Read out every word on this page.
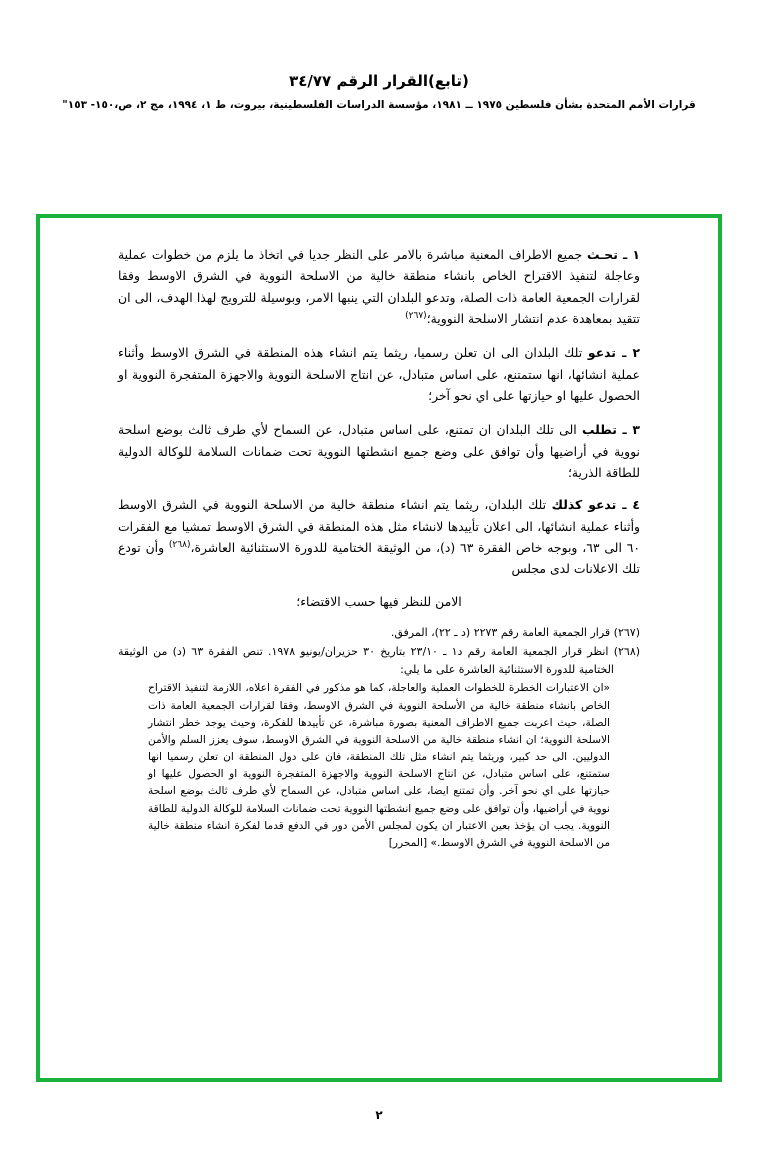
(تابع)القرار الرقم ٣٤/٧٧
قرارات الأمم المتحدة بشأن فلسطين ١٩٧٥ ــ ١٩٨١، مؤسسة الدراسات الفلسطينية، بيروت، ط ١، ١٩٩٤، مج ٢، ص،١٥٠- ١٥٣"

١ ـ تحـث جميع الاطراف المعنية مباشرة بالامر على النظر جديا في اتخاذ ما يلزم من خطوات عملية وعاجلة لتنفيذ الاقتراح الخاص بانشاء منطقة خالية من الاسلحة النووية في الشرق الاوسط وفقا لقرارات الجمعية العامة ذات الصلة، وتدعو البلدان التي ينبها الامر، وبوسيلة للترويج لهذا الهدف، الى ان تتقيد بمعاهدة عدم انتشار الاسلحة النووية؛$^{(٢٦٧)}$

٢ ـ تدعو تلك البلدان الى ان تعلن رسميا، ريثما يتم انشاء هذه المنطقة في الشرق الاوسط وأثناء عملية انشائها، انها ستمتنع، على اساس متبادل، عن انتاج الاسلحة النووية والاجهزة المتفجرة النووية او الحصول عليها او حيازتها على اي نحو آخر؛

٣ ـ تطلب الى تلك البلدان ان تمتنع، على اساس متبادل، عن السماح لأي طرف ثالث بوضع اسلحة نووية في أراضيها وأن توافق على وضع جميع انشطتها النووية تحت ضمانات السلامة للوكالة الدولية للطاقة الذرية؛

٤ ـ تدعو كذلك تلك البلدان، ريثما يتم انشاء منطقة خالية من الاسلحة النووية في الشرق الاوسط وأثناء عملية انشائها، الى اعلان تأييدها لانشاء مثل هذه المنطقة في الشرق الاوسط تمشيا مع الفقرات ٦٠ الى ٦٣، وبوجه خاص الفقرة ٦٣ (د)، من الوثيقة الختامية للدورة الاستثنائية العاشرة،$^{(٢٦٨)}$ وأن تودع تلك الاعلانات لدى مجلس

الامن للنظر فيها حسب الاقتضاء؛

(٢٦٧) قرار الجمعية العامة رقم ٢٢٧٣ (د ـ ٢٢)، المرفق.

(٢٦٨) انظر قرار الجمعية العامة رقم د١ ـ ٢٣/١٠ بتاريخ ٣٠ حزيران/يونيو ١٩٧٨. تنص الفقرة ٦٣ (د) من الوثيقة الختامية للدورة الاستثنائية العاشرة على ما يلي:

«ان الاعتبارات الخطرة للخطوات العملية والعاجلة، كما هو مذكور في الفقرة اعلاه، اللازمة لتنفيذ الاقتراح الخاص بانشاء منطقة خالية من الأسلحة النووية في الشرق الاوسط، وفقا لقرارات الجمعية العامة ذات الصلة، حيث اعربت جميع الاطراف المعنية بصورة مباشرة، عن تأييدها للفكرة، وحيث يوجد خطر انتشار الاسلحة النووية؛ ان انشاء منطقة خالية من الاسلحة النووية في الشرق الاوسط، سوف يعزز السلم والأمن الدوليين. الى حد كبير، وريثما يتم انشاء مثل تلك المنطقة، فان على دول المنطقة ان تعلن رسميا انها ستمتنع، على اساس متبادل، عن انتاج الاسلحة النووية والاجهزة المتفجرة النووية او الحصول عليها او حيازتها على اي نحو آخر. وأن تمتنع ايضا، على اساس متبادل، عن السماح لأي طرف ثالث بوضع اسلحة نووية في أراضيها، وأن توافق على وضع جميع انشطتها النووية تحت ضمانات السلامة للوكالة الدولية للطاقة النووية. يجب ان يؤخذ بعين الاعتبار ان يكون لمجلس الأمن دور في الدفع قدما لفكرة انشاء منطقة خالية من الاسلحة النووية في الشرق الاوسط.» [المحرر]

٢
